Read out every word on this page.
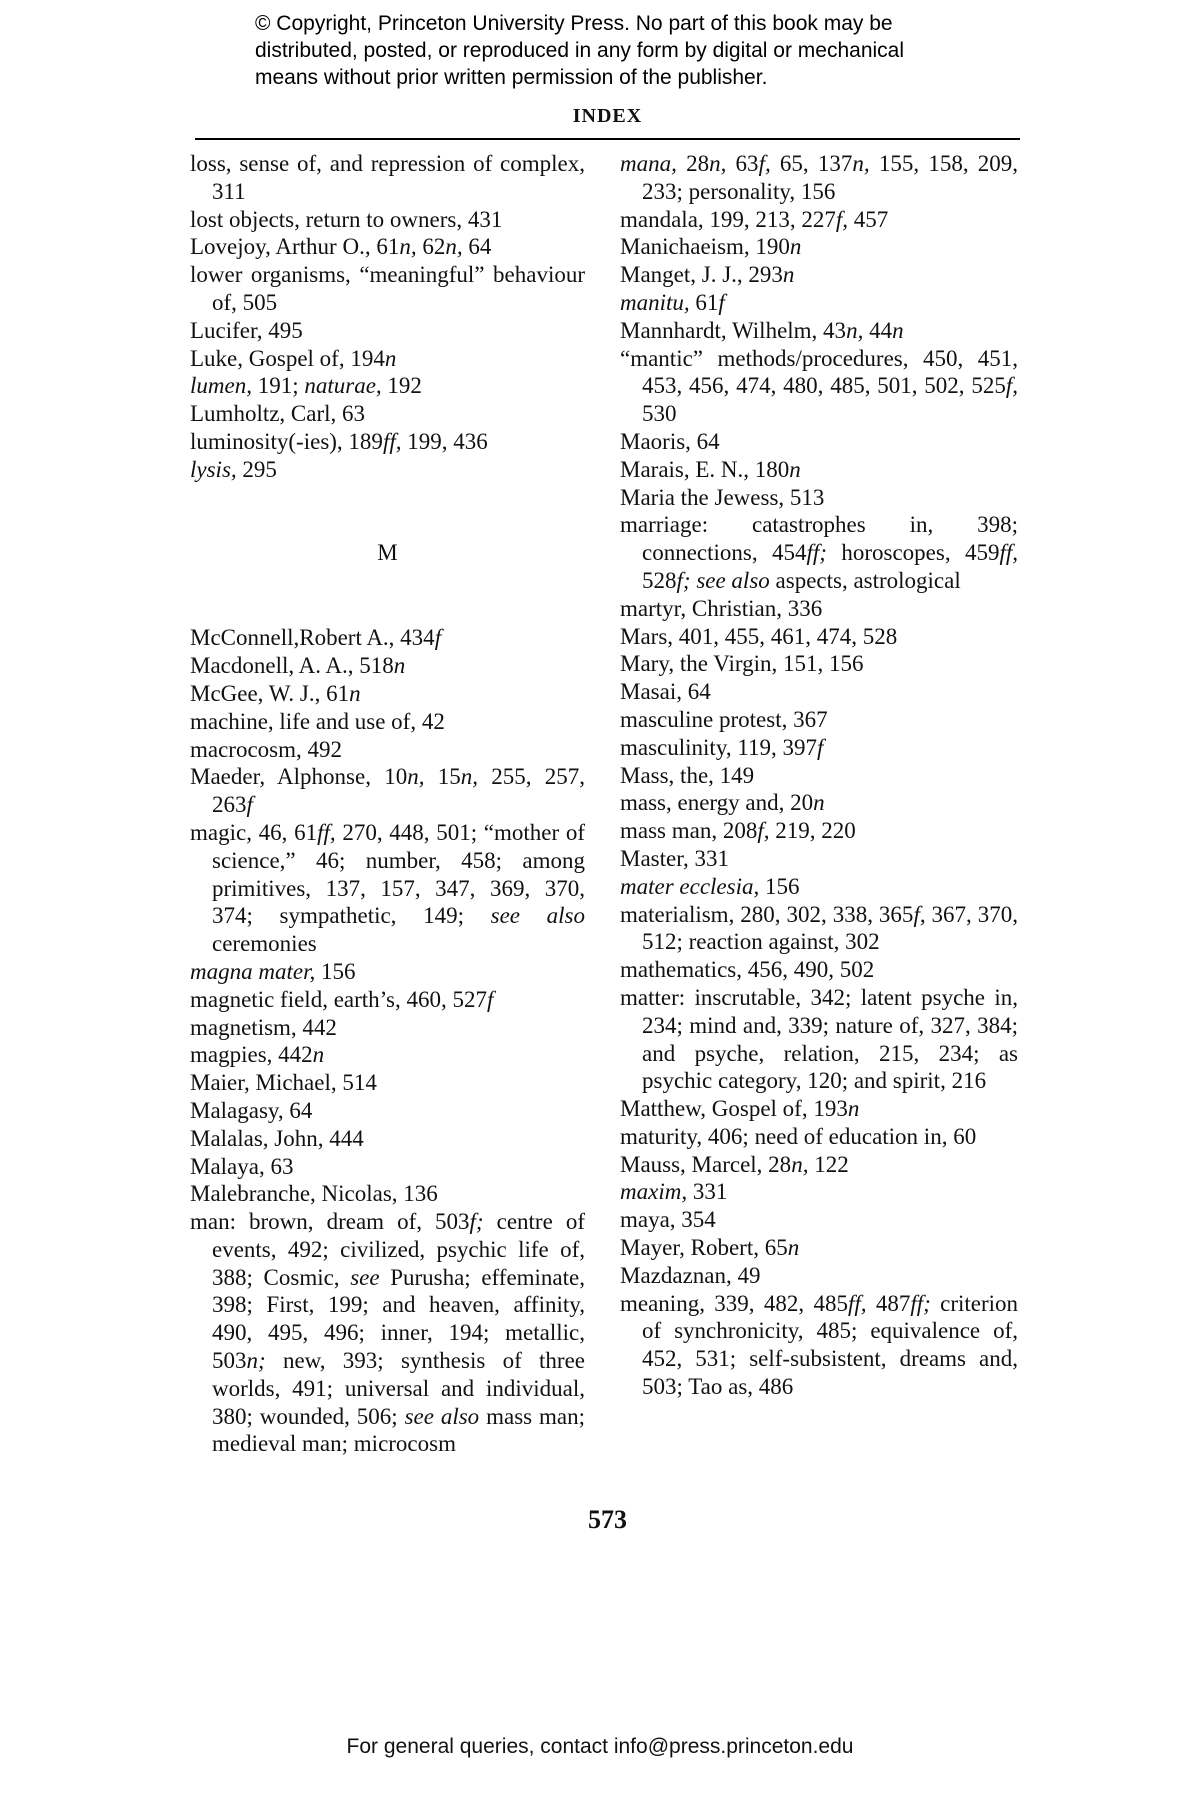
© Copyright, Princeton University Press. No part of this book may be
distributed, posted, or reproduced in any form by digital or mechanical
means without prior written permission of the publisher.
INDEX
loss, sense of, and repression of complex, 311
lost objects, return to owners, 431
Lovejoy, Arthur O., 61n, 62n, 64
lower organisms, “meaningful” behaviour of, 505
Lucifer, 495
Luke, Gospel of, 194n
lumen, 191; naturae, 192
Lumholtz, Carl, 63
luminosity(-ies), 189ff, 199, 436
lysis, 295
M
McConnell,Robert A., 434f
Macdonell, A. A., 518n
McGee, W. J., 61n
machine, life and use of, 42
macrocosm, 492
Maeder, Alphonse, 10n, 15n, 255, 257, 263f
magic, 46, 61ff, 270, 448, 501; “mother of science,” 46; number, 458; among primitives, 137, 157, 347, 369, 370, 374; sympathetic, 149; see also ceremonies
magna mater, 156
magnetic field, earth’s, 460, 527f
magnetism, 442
magpies, 442n
Maier, Michael, 514
Malagasy, 64
Malalas, John, 444
Malaya, 63
Malebranche, Nicolas, 136
man: brown, dream of, 503f; centre of events, 492; civilized, psychic life of, 388; Cosmic, see Purusha; effeminate, 398; First, 199; and heaven, affinity, 490, 495, 496; inner, 194; metallic, 503n; new, 393; synthesis of three worlds, 491; universal and individual, 380; wounded, 506; see also mass man; medieval man; microcosm
mana, 28n, 63f, 65, 137n, 155, 158, 209, 233; personality, 156
mandala, 199, 213, 227f, 457
Manichaeism, 190n
Manget, J. J., 293n
manitu, 61f
Mannhardt, Wilhelm, 43n, 44n
“mantic” methods/procedures, 450, 451, 453, 456, 474, 480, 485, 501, 502, 525f, 530
Maoris, 64
Marais, E. N., 180n
Maria the Jewess, 513
marriage: catastrophes in, 398; connections, 454ff; horoscopes, 459ff, 528f; see also aspects, astrological
martyr, Christian, 336
Mars, 401, 455, 461, 474, 528
Mary, the Virgin, 151, 156
Masai, 64
masculine protest, 367
masculinity, 119, 397f
Mass, the, 149
mass, energy and, 20n
mass man, 208f, 219, 220
Master, 331
mater ecclesia, 156
materialism, 280, 302, 338, 365f, 367, 370, 512; reaction against, 302
mathematics, 456, 490, 502
matter: inscrutable, 342; latent psyche in, 234; mind and, 339; nature of, 327, 384; and psyche, relation, 215, 234; as psychic category, 120; and spirit, 216
Matthew, Gospel of, 193n
maturity, 406; need of education in, 60
Mauss, Marcel, 28n, 122
maxim, 331
maya, 354
Mayer, Robert, 65n
Mazdaznan, 49
meaning, 339, 482, 485ff, 487ff; criterion of synchronicity, 485; equivalence of, 452, 531; self-subsistent, dreams and, 503; Tao as, 486
573
For general queries, contact info@press.princeton.edu
